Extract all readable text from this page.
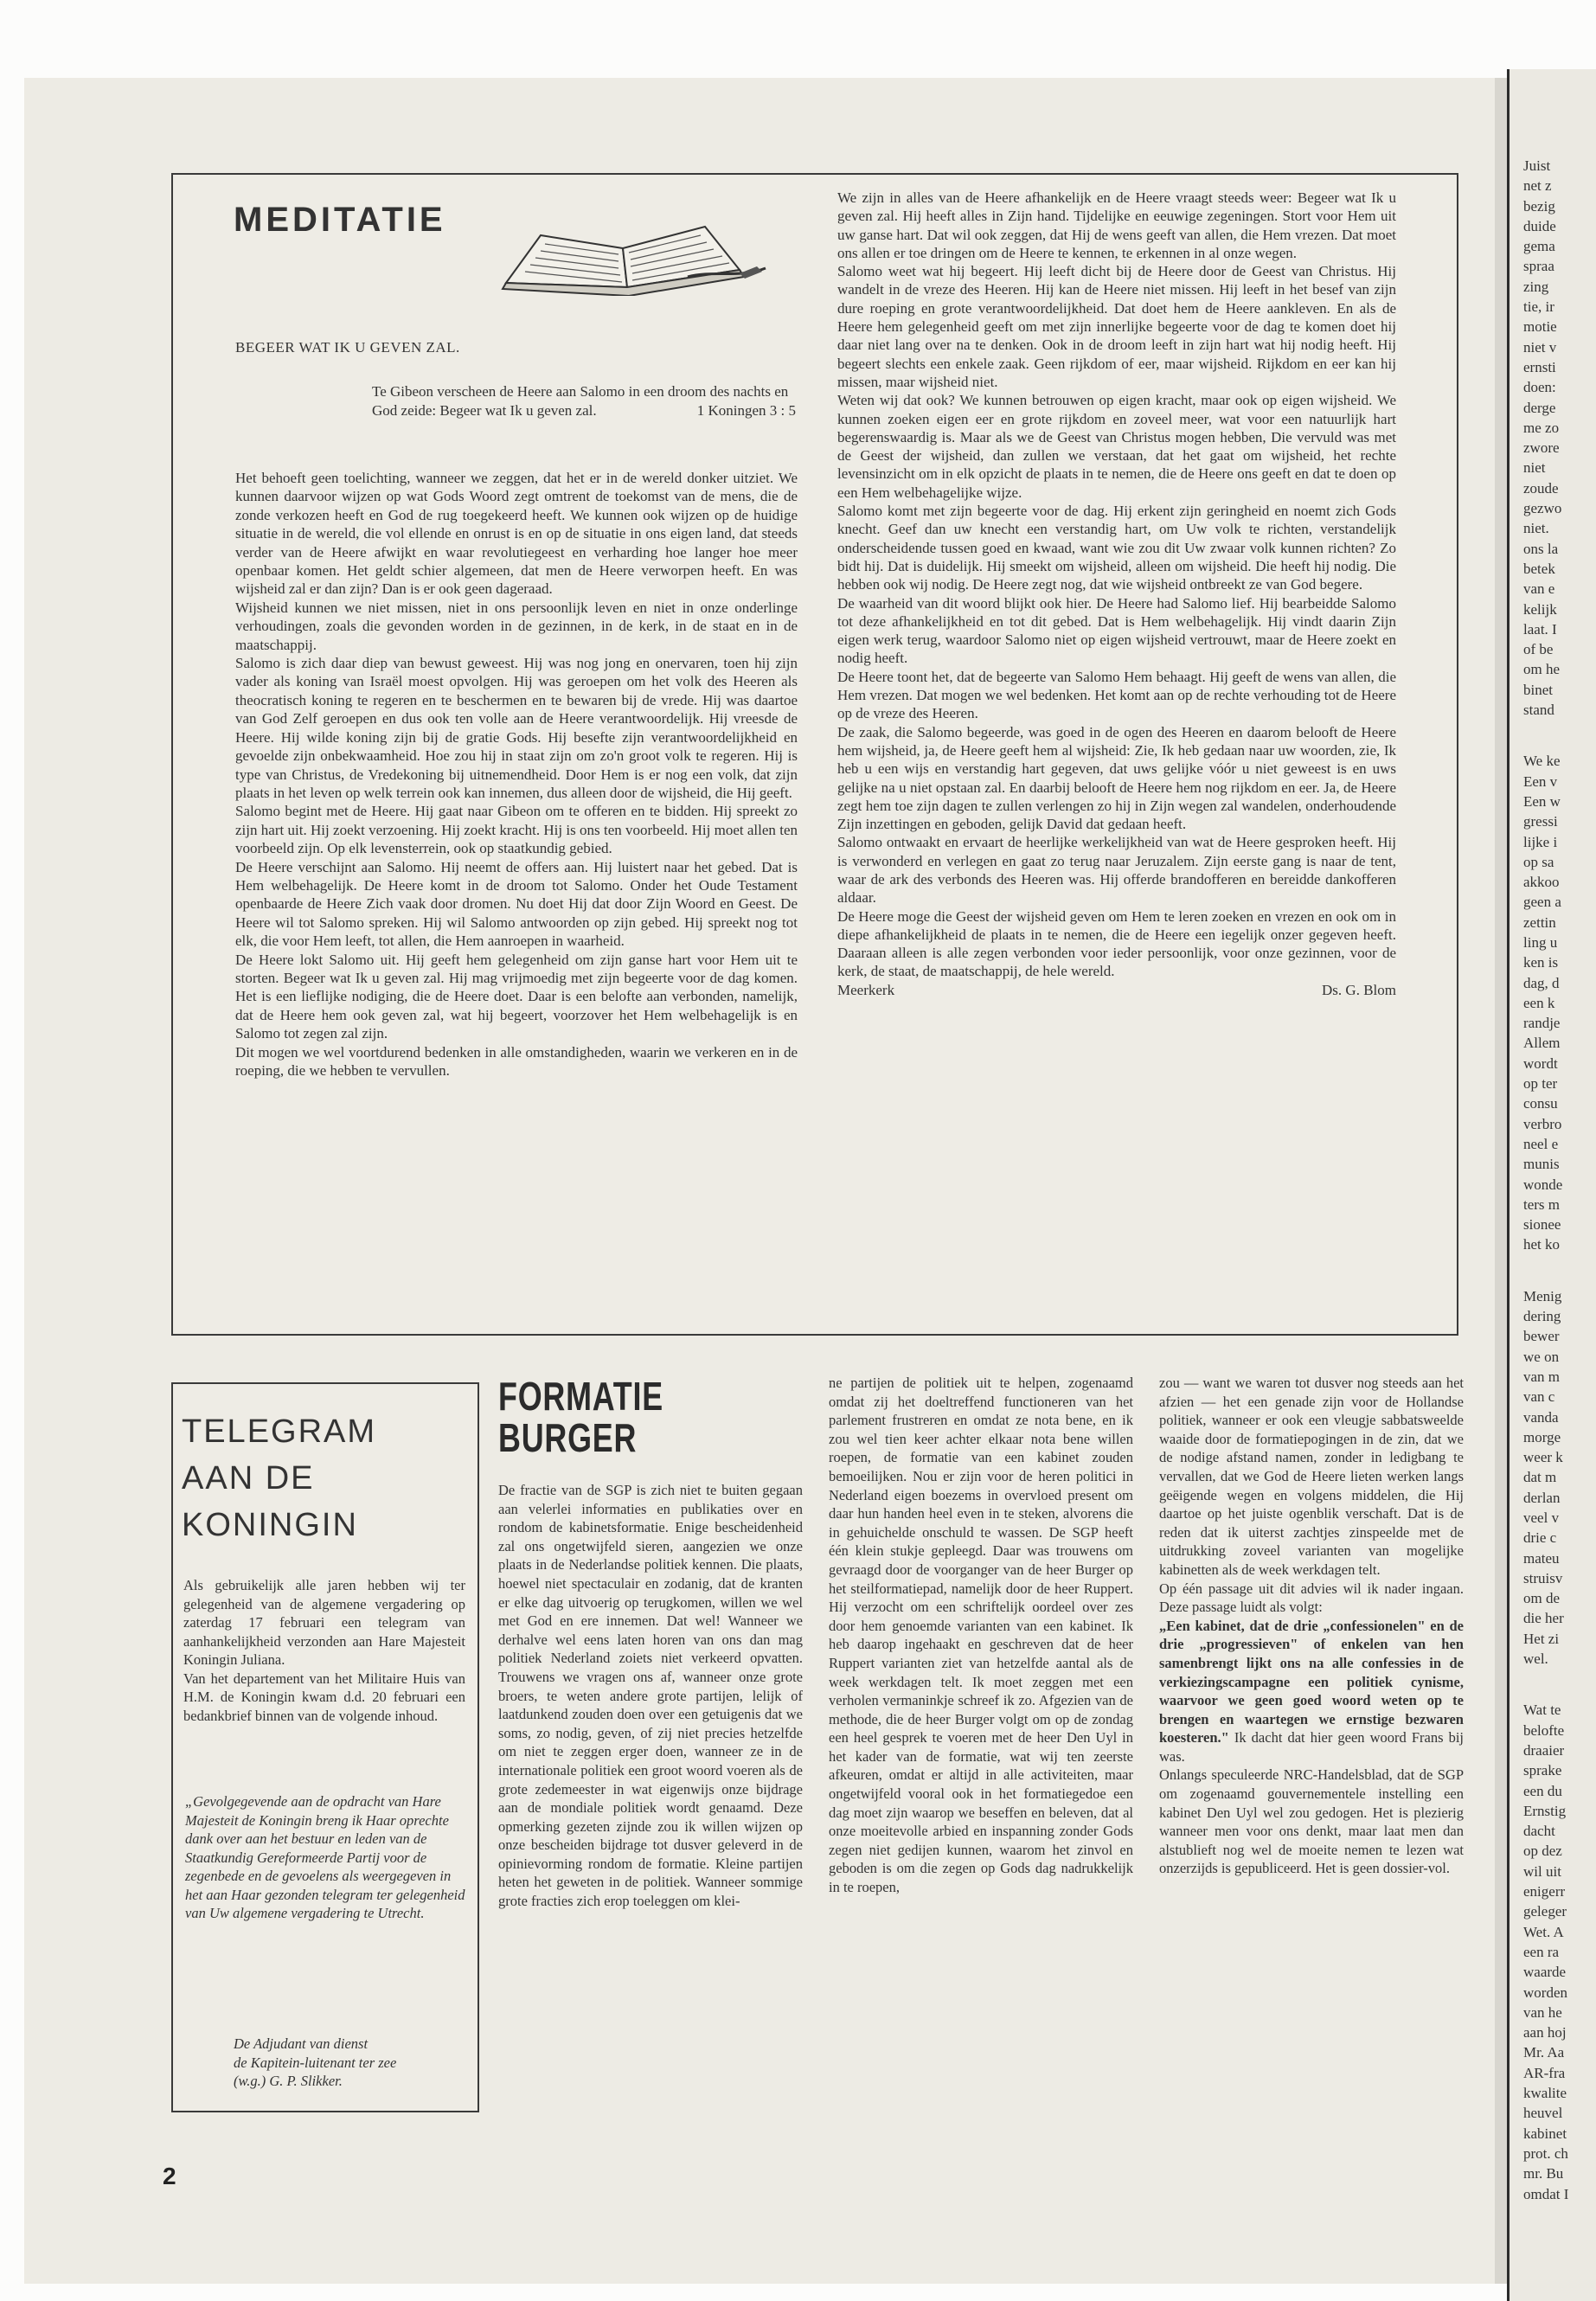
Juist
net z
bezig
duide
gema
spraa
zing
tie, ir
motie
niet v
ernsti
doen:
derge
me zo
zwore
niet
zoude
gezwo
niet.
ons la
betek
van e
kelijk
laat. I
of be
om he
binet
stand
We ke
Een v
Een w
gressi
lijke i
op sa
akkoo
geen a
zettin
ling u
ken is
dag, d
een k
randje
Allem
wordt
op ter
consu
verbro
neel e
munis
wonde
ters m
sionee
het ko
Menig
dering
bewer
we on
van m
van c
vanda
morge
weer k
dat m
derlan
veel v
drie c
mateu
struisv
om de
die her
Het zi
wel.
Wat te
belofte
draaier
sprake
een du
Ernstig
dacht
op dez
wil uit
enigerr
geleger
Wet. A
een ra
waarde
worden
van he
aan hoj
Mr. Aa
AR-fra
kwalite
heuvel
kabinet
prot. ch
mr. Bu
omdat I
MEDITATIE
BEGEER WAT IK U GEVEN ZAL.
Te Gibeon verscheen de Heere aan Salomo in een droom des nachts en God zeide: Begeer wat Ik u geven zal.	1 Koningen 3 : 5

Het behoeft geen toelichting, wanneer we zeggen, dat het er in de wereld donker uitziet. We kunnen daarvoor wijzen op wat Gods Woord zegt omtrent de toekomst van de mens, die de zonde verkozen heeft en God de rug toegekeerd heeft. We kunnen ook wijzen op de huidige situatie in de wereld, die vol ellende en onrust is en op de situatie in ons eigen land, dat steeds verder van de Heere afwijkt en waar revolutiegeest en verharding hoe langer hoe meer openbaar komen. Het geldt schier algemeen, dat men de Heere verworpen heeft. En was wijsheid zal er dan zijn? Dan is er ook geen dageraad.

Wijsheid kunnen we niet missen, niet in ons persoonlijk leven en niet in onze onderlinge verhoudingen, zoals die gevonden worden in de gezinnen, in de kerk, in de staat en in de maatschappij.

Salomo is zich daar diep van bewust geweest. Hij was nog jong en onervaren, toen hij zijn vader als koning van Israël moest opvolgen. Hij was geroepen om het volk des Heeren als theocratisch koning te regeren en te beschermen en te bewaren bij de vrede. Hij was daartoe van God Zelf geroepen en dus ook ten volle aan de Heere verantwoordelijk. Hij vreesde de Heere. Hij wilde koning zijn bij de gratie Gods. Hij besefte zijn verantwoordelijkheid en gevoelde zijn onbekwaamheid. Hoe zou hij in staat zijn om zo'n groot volk te regeren. Hij is type van Christus, de Vredekoning bij uitnemendheid. Door Hem is er nog een volk, dat zijn plaats in het leven op welk terrein ook kan innemen, dus alleen door de wijsheid, die Hij geeft.

Salomo begint met de Heere. Hij gaat naar Gibeon om te offeren en te bidden. Hij spreekt zo zijn hart uit. Hij zoekt verzoening. Hij zoekt kracht. Hij is ons ten voorbeeld. Hij moet allen ten voorbeeld zijn. Op elk levensterrein, ook op staatkundig gebied.

De Heere verschijnt aan Salomo. Hij neemt de offers aan. Hij luistert naar het gebed. Dat is Hem welbehagelijk. De Heere komt in de droom tot Salomo. Onder het Oude Testament openbaarde de Heere Zich vaak door dromen. Nu doet Hij dat door Zijn Woord en Geest. De Heere wil tot Salomo spreken. Hij wil Salomo antwoorden op zijn gebed. Hij spreekt nog tot elk, die voor Hem leeft, tot allen, die Hem aanroepen in waarheid.

De Heere lokt Salomo uit. Hij geeft hem gelegenheid om zijn ganse hart voor Hem uit te storten. Begeer wat Ik u geven zal. Hij mag vrijmoedig met zijn begeerte voor de dag komen. Het is een lieflijke nodiging, die de Heere doet. Daar is een belofte aan verbonden, namelijk, dat de Heere hem ook geven zal, wat hij begeert, voorzover het Hem welbehagelijk is en Salomo tot zegen zal zijn.

Dit mogen we wel voortdurend bedenken in alle omstandigheden, waarin we verkeren en in de roeping, die we hebben te vervullen.

We zijn in alles van de Heere afhankelijk en de Heere vraagt steeds weer: Begeer wat Ik u geven zal. Hij heeft alles in Zijn hand. Tijdelijke en eeuwige zegeningen. Stort voor Hem uit uw ganse hart. Dat wil ook zeggen, dat Hij de wens geeft van allen, die Hem vrezen. Dat moet ons allen er toe dringen om de Heere te kennen, te erkennen in al onze wegen.

Salomo weet wat hij begeert. Hij leeft dicht bij de Heere door de Geest van Christus. Hij wandelt in de vreze des Heeren. Hij kan de Heere niet missen. Hij leeft in het besef van zijn dure roeping en grote verantwoordelijkheid. Dat doet hem de Heere aankleven. En als de Heere hem gelegenheid geeft om met zijn innerlijke begeerte voor de dag te komen doet hij daar niet lang over na te denken. Ook in de droom leeft in zijn hart wat hij nodig heeft. Hij begeert slechts een enkele zaak. Geen rijkdom of eer, maar wijsheid. Rijkdom en eer kan hij missen, maar wijsheid niet.

Weten wij dat ook? We kunnen betrouwen op eigen kracht, maar ook op eigen wijsheid. We kunnen zoeken eigen eer en grote rijkdom en zoveel meer, wat voor een natuurlijk hart begerenswaardig is. Maar als we de Geest van Christus mogen hebben, Die vervuld was met de Geest der wijsheid, dan zullen we verstaan, dat het gaat om wijsheid, het rechte levensinzicht om in elk opzicht de plaats in te nemen, die de Heere ons geeft en dat te doen op een Hem welbehagelijke wijze.

Salomo komt met zijn begeerte voor de dag. Hij erkent zijn geringheid en noemt zich Gods knecht. Geef dan uw knecht een verstandig hart, om Uw volk te richten, verstandelijk onderscheidende tussen goed en kwaad, want wie zou dit Uw zwaar volk kunnen richten? Zo bidt hij. Dat is duidelijk. Hij smeekt om wijsheid, alleen om wijsheid. Die heeft hij nodig. Die hebben ook wij nodig. De Heere zegt nog, dat wie wijsheid ontbreekt ze van God begere.

De waarheid van dit woord blijkt ook hier. De Heere had Salomo lief. Hij bearbeidde Salomo tot deze afhankelijkheid en tot dit gebed. Dat is Hem welbehagelijk. Hij vindt daarin Zijn eigen werk terug, waardoor Salomo niet op eigen wijsheid vertrouwt, maar de Heere zoekt en nodig heeft.

De Heere toont het, dat de begeerte van Salomo Hem behaagt. Hij geeft de wens van allen, die Hem vrezen. Dat mogen we wel bedenken. Het komt aan op de rechte verhouding tot de Heere op de vreze des Heeren.

De zaak, die Salomo begeerde, was goed in de ogen des Heeren en daarom belooft de Heere hem wijsheid, ja, de Heere geeft hem al wijsheid: Zie, Ik heb gedaan naar uw woorden, zie, Ik heb u een wijs en verstandig hart gegeven, dat uws gelijke vóór u niet geweest is en uws gelijke na u niet opstaan zal. En daarbij belooft de Heere hem nog rijkdom en eer. Ja, de Heere zegt hem toe zijn dagen te zullen verlengen zo hij in Zijn wegen zal wandelen, onderhoudende Zijn inzettingen en geboden, gelijk David dat gedaan heeft.

Salomo ontwaakt en ervaart de heerlijke werkelijkheid van wat de Heere gesproken heeft. Hij is verwonderd en verlegen en gaat zo terug naar Jeruzalem. Zijn eerste gang is naar de tent, waar de ark des verbonds des Heeren was. Hij offerde brandofferen en bereidde dankofferen aldaar.

De Heere moge die Geest der wijsheid geven om Hem te leren zoeken en vrezen en ook om in diepe afhankelijkheid de plaats in te nemen, die de Heere een iegelijk onzer gegeven heeft. Daaraan alleen is alle zegen verbonden voor ieder persoonlijk, voor onze gezinnen, voor de kerk, de staat, de maatschappij, de hele wereld.

Meerkerk	Ds. G. Blom
TELEGRAM
AAN DE
KONINGIN

Als gebruikelijk alle jaren hebben wij ter gelegenheid van de algemene vergadering op zaterdag 17 februari een telegram van aanhankelijkheid verzonden aan Hare Majesteit Koningin Juliana.

Van het departement van het Militaire Huis van H.M. de Koningin kwam d.d. 20 februari een bedankbrief binnen van de volgende inhoud.

„Gevolgegevende aan de opdracht van Hare Majesteit de Koningin breng ik Haar oprechte dank over aan het bestuur en leden van de Staatkundig Gereformeerde Partij voor de zegenbede en de gevoelens als weergegeven in het aan Haar gezonden telegram ter gelegenheid van Uw algemene vergadering te Utrecht.
De Adjudant van dienst
de Kapitein-luitenant ter zee
(w.g.) G. P. Slikker.
FORMATIE
BURGER

De fractie van de SGP is zich niet te buiten gegaan aan velerlei informaties en publikaties over en rondom de kabinetsformatie. Enige bescheidenheid zal ons ongetwijfeld sieren, aangezien we onze plaats in de Nederlandse politiek kennen. Die plaats, hoewel niet spectaculair en zodanig, dat de kranten er elke dag uitvoerig op terugkomen, willen we wel met God en ere innemen. Dat wel! Wanneer we derhalve wel eens laten horen van ons dan mag politiek Nederland zoiets niet verkeerd opvatten. Trouwens we vragen ons af, wanneer onze grote broers, te weten andere grote partijen, lelijk of laatdunkend zouden doen over een getuigenis dat we soms, zo nodig, geven, of zij niet precies hetzelfde om niet te zeggen erger doen, wanneer ze in de internationale politiek een groot woord voeren als de grote zedemeester in wat eigenwijs onze bijdrage aan de mondiale politiek wordt genaamd. Deze opmerking gezeten zijnde zou ik willen wijzen op onze bescheiden bijdrage tot dusver geleverd in de opinievorming rondom de formatie. Kleine partijen heten het geweten in de politiek. Wanneer sommige grote fracties zich erop toeleggen om klei-

ne partijen de politiek uit te helpen, zogenaamd omdat zij het doeltreffend functioneren van het parlement frustreren en omdat ze nota bene, en ik zou wel tien keer achter elkaar nota bene willen roepen, de formatie van een kabinet zouden bemoeilijken. Nou er zijn voor de heren politici in Nederland eigen boezems in overvloed present om daar hun handen heel even in te steken, alvorens die in gehuichelde onschuld te wassen. De SGP heeft één klein stukje gepleegd. Daar was trouwens om gevraagd door de voorganger van de heer Burger op het steilformatiepad, namelijk door de heer Ruppert. Hij verzocht om een schriftelijk oordeel over zes door hem genoemde varianten van een kabinet. Ik heb daarop ingehaakt en geschreven dat de heer Ruppert varianten ziet van hetzelfde aantal als de week werkdagen telt. Ik moet zeggen met een verholen vermaninkje schreef ik zo. Afgezien van de methode, die de heer Burger volgt om op de zondag een heel gesprek te voeren met de heer Den Uyl in het kader van de formatie, wat wij ten zeerste afkeuren, omdat er altijd in alle activiteiten, maar ongetwijfeld vooral ook in het formatiegedoe een dag moet zijn waarop we beseffen en beleven, dat al onze moeitevolle arbied en inspanning zonder Gods zegen niet gedijen kunnen, waarom het zinvol en geboden is om die zegen op Gods dag nadrukkelijk in te roepen,

zou — want we waren tot dusver nog steeds aan het afzien — het een genade zijn voor de Hollandse politiek, wanneer er ook een vleugje sabbatsweelde waaide door de formatiepogingen in de zin, dat we de nodige afstand namen, zonder in ledigbang te vervallen, dat we God de Heere lieten werken langs geëigende wegen en volgens middelen, die Hij daartoe op het juiste ogenblik verschaft. Dat is de reden dat ik uiterst zachtjes zinspeelde met de uitdrukking zoveel varianten van mogelijke kabinetten als de week werkdagen telt.

Op één passage uit dit advies wil ik nader ingaan. Deze passage luidt als volgt:

„Een kabinet, dat de drie „confessionelen" en de drie „progressieven" of enkelen van hen samenbrengt lijkt ons na alle confessies in de verkiezingscampagne een politiek cynisme, waarvoor we geen goed woord weten op te brengen en waartegen we ernstige bezwaren koesteren." Ik dacht dat hier geen woord Frans bij was.

Onlangs speculeerde NRC-Handelsblad, dat de SGP om zogenaamd gouvernementele instelling een kabinet Den Uyl wel zou gedogen. Het is plezierig wanneer men voor ons denkt, maar laat men dan alstublieft nog wel de moeite nemen te lezen wat onzerzijds is gepubliceerd. Het is geen dossier-vol.

2
